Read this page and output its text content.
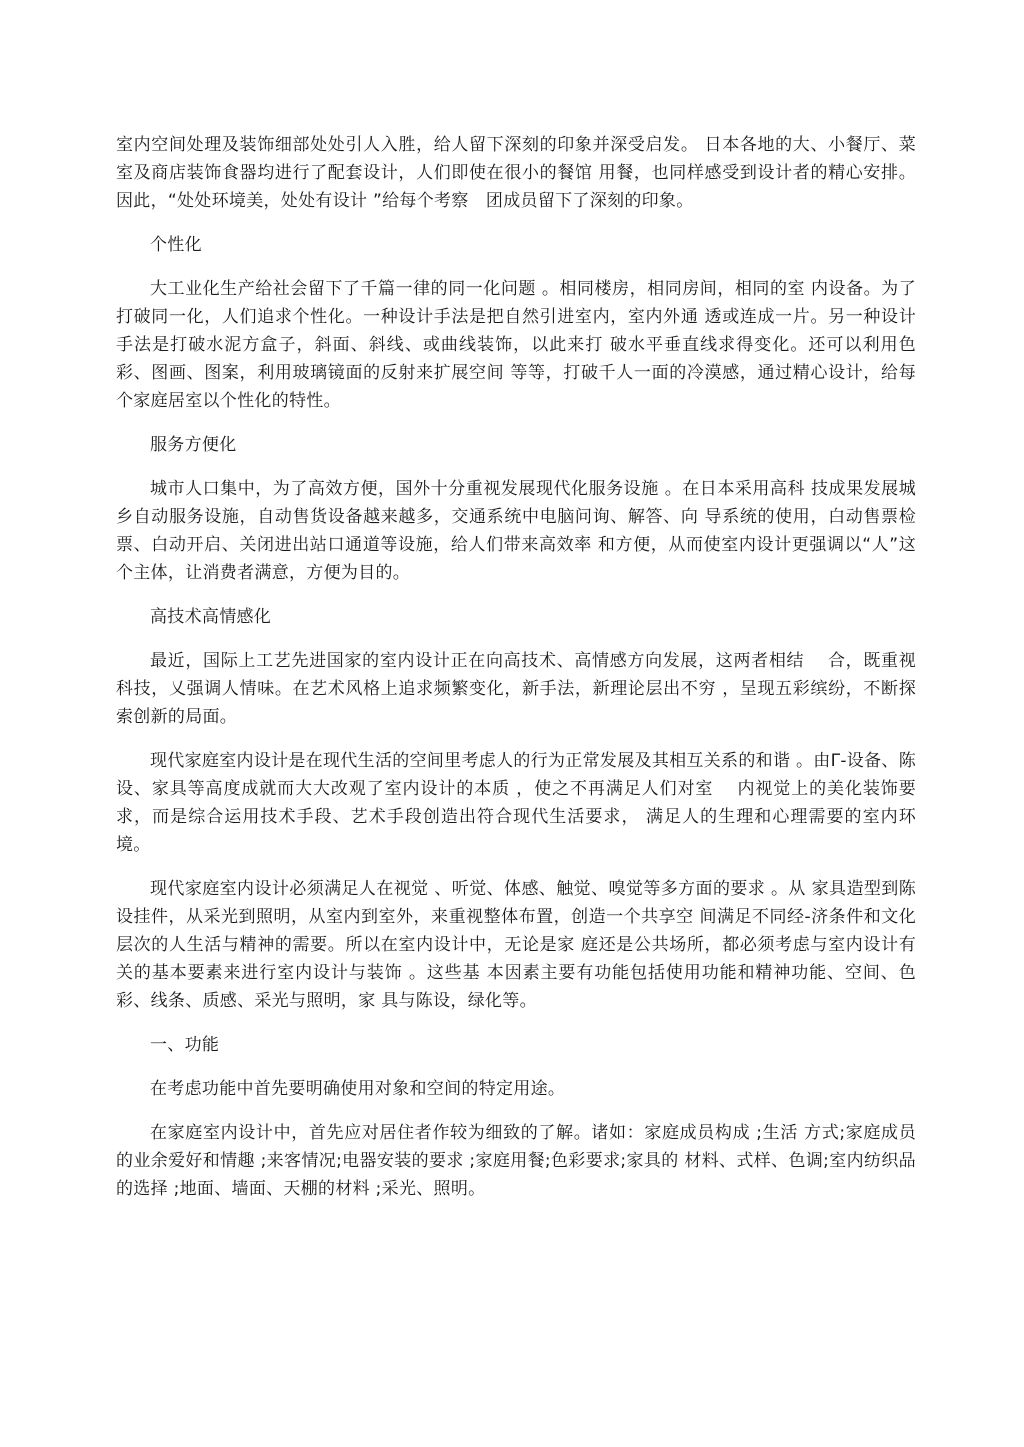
室内空间处理及装饰细部处处引人入胜，给人留下深刻的印象并深受启发。 日本各地的大、小餐厅、菜室及商店装饰食器均进行了配套设计，人们即使在很小的餐馆 用餐，也同样感受到设计者的精心安排。因此，“处处环境美，处处有设计 ”给每个考察　团成员留下了深刻的印象。

个性化

大工业化生产给社会留下了千篇一律的同一化问题 。相同楼房，相同房间，相同的室 内设备。为了打破同一化，人们追求个性化。一种设计手法是把自然引进室内，室内外通 透或连成一片。另一种设计手法是打破水泥方盒子，斜面、斜线、或曲线装饰，以此来打 破水平垂直线求得变化。还可以利用色彩、图画、图案，利用玻璃镜面的反射来扩展空间 等等，打破千人一面的冷漠感，通过精心设计，给每个家庭居室以个性化的特性。

服务方便化

城市人口集中，为了高效方便，国外十分重视发展现代化服务设施 。在日本采用高科 技成果发展城乡自动服务设施，自动售货设备越来越多，交通系统中电脑问询、解答、向 导系统的使用，白动售票检票、白动开启、关闭进出站口通道等设施，给人们带来高效率 和方便，从而使室内设计更强调以“人”这个主体，让消费者满意，方便为目的。

高技术高情感化

最近，国际上工艺先进国家的室内设计正在向高技术、高情感方向发展，这两者相结　 合，既重视科技，乂强调人情味。在艺术风格上追求频繁变化，新手法，新理论层出不穷 ，呈现五彩缤纷，不断探索创新的局面。

现代家庭室内设计是在现代生活的空间里考虑人的行为正常发展及其相互关系的和谐 。由Γ-设备、陈设、家具等高度成就而大大改观了室内设计的本质 ，使之不再满足人们对室　 内视觉上的美化装饰要求，而是综合运用技术手段、艺术手段创造出符合现代生活要求， 满足人的生理和心理需要的室内环境。

现代家庭室内设计必须满足人在视觉 、听觉、体感、触觉、嗅觉等多方面的要求 。从 家具造型到陈设挂件，从采光到照明，从室内到室外，来重视整体布置，创造一个共享空 间满足不同经-济条件和文化层次的人生活与精神的需要。所以在室内设计中，无论是家 庭还是公共场所，都必须考虑与室内设计有关的基本要素来进行室内设计与装饰 。这些基 本因素主要有功能包括使用功能和精神功能、空间、色彩、线条、质感、采光与照明，家 具与陈设，绿化等。

一、功能

在考虑功能中首先要明确使用对象和空间的特定用途。

在家庭室内设计中，首先应对居住者作较为细致的了解。诸如：家庭成员构成 ;生活 方式;家庭成员的业余爱好和情趣 ;来客情况;电器安装的要求 ;家庭用餐;色彩要求;家具的 材料、式样、色调;室内纺织品的选择 ;地面、墙面、天棚的材料 ;采光、照明。
